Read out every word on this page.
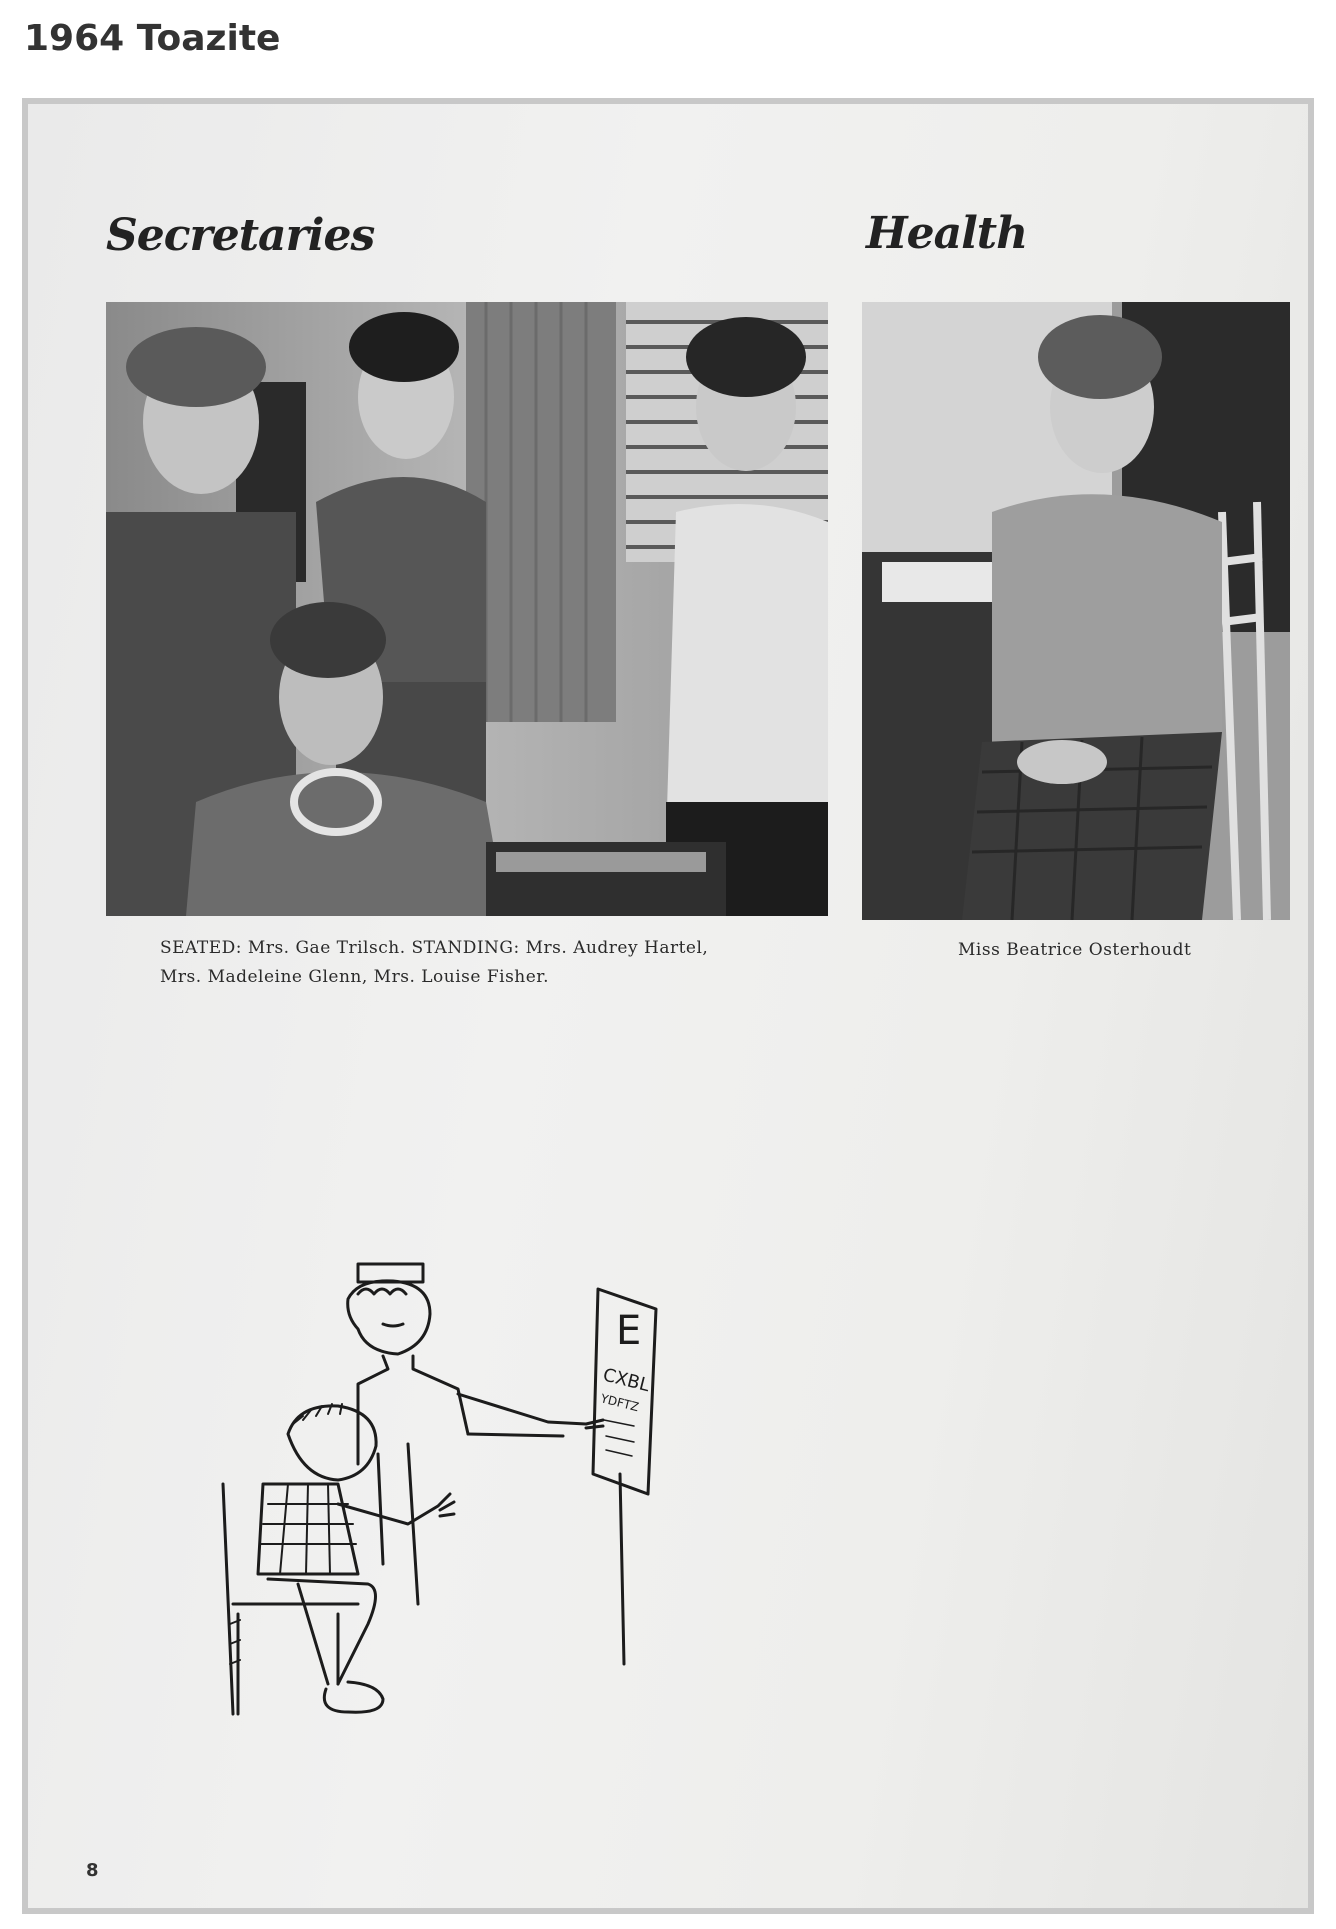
1964 Toazite
Secretaries	Health
SEATED: Mrs. Gae Trilsch. STANDING: Mrs. Audrey Hartel,
Mrs. Madeleine Glenn, Mrs. Louise Fisher.
Miss Beatrice Osterhoudt
E
CXBL
YDFTZ
8
